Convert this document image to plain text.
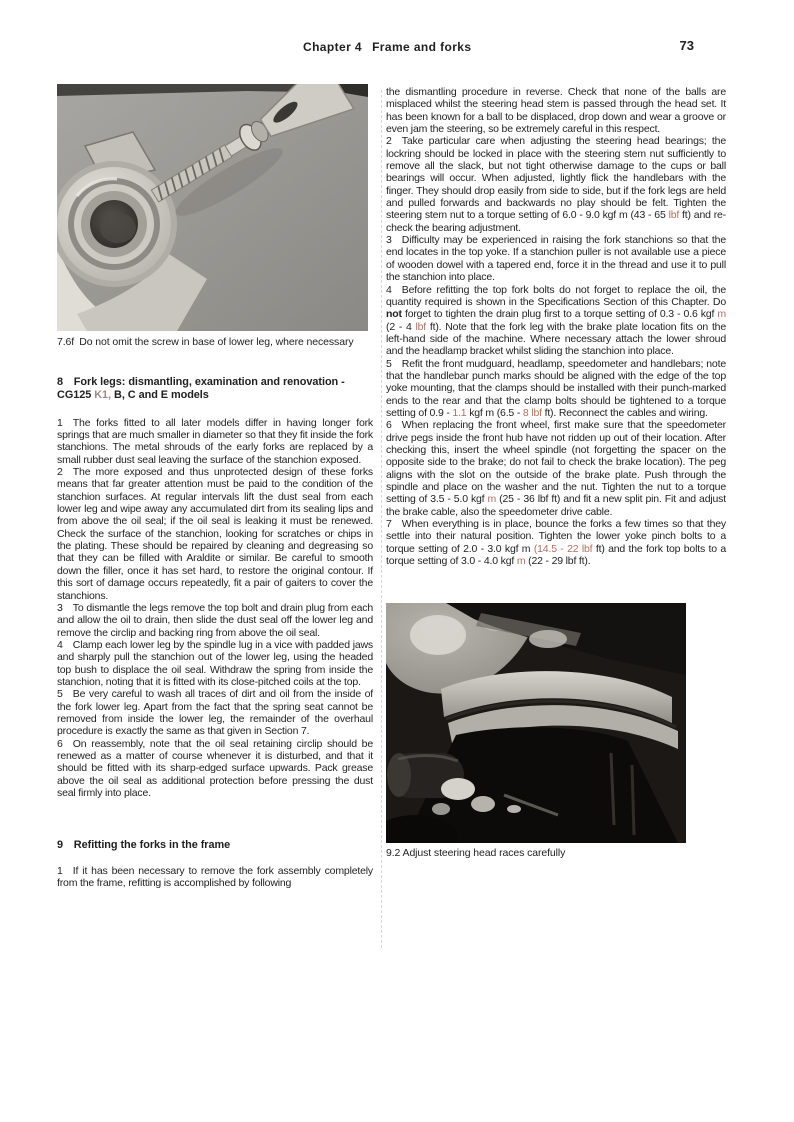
Chapter 4  Frame and forks	73

7.6f Do not omit the screw in base of lower leg, where necessary

8  Fork legs: dismantling, examination and renovation - CG125 K1, B, C and E models

1  The forks fitted to all later models differ in having longer fork springs that are much smaller in diameter so that they fit inside the fork stanchions. The metal shrouds of the early forks are replaced by a small rubber dust seal leaving the surface of the stanchion exposed.

2  The more exposed and thus unprotected design of these forks means that far greater attention must be paid to the condition of the stanchion surfaces. At regular intervals lift the dust seal from each lower leg and wipe away any accumulated dirt from its sealing lips and from above the oil seal; if the oil seal is leaking it must be renewed. Check the surface of the stanchion, looking for scratches or chips in the plating. These should be repaired by cleaning and degreasing so that they can be filled with Araldite or similar. Be careful to smooth down the filler, once it has set hard, to restore the original contour. If this sort of damage occurs repeatedly, fit a pair of gaiters to cover the stanchions.

3  To dismantle the legs remove the top bolt and drain plug from each and allow the oil to drain, then slide the dust seal off the lower leg and remove the circlip and backing ring from above the oil seal.

4  Clamp each lower leg by the spindle lug in a vice with padded jaws and sharply pull the stanchion out of the lower leg, using the headed top bush to displace the oil seal. Withdraw the spring from inside the stanchion, noting that it is fitted with its close-pitched coils at the top.

5  Be very careful to wash all traces of dirt and oil from the inside of the fork lower leg. Apart from the fact that the spring seat cannot be removed from inside the lower leg, the remainder of the overhaul procedure is exactly the same as that given in Section 7.

6  On reassembly, note that the oil seal retaining circlip should be renewed as a matter of course whenever it is disturbed, and that it should be fitted with its sharp-edged surface upwards. Pack grease above the oil seal as additional protection before pressing the dust seal firmly into place.

9  Refitting the forks in the frame

1  If it has been necessary to remove the fork assembly completely from the frame, refitting is accomplished by following

the dismantling procedure in reverse. Check that none of the balls are misplaced whilst the steering head stem is passed through the head set. It has been known for a ball to be displaced, drop down and wear a groove or even jam the steering, so be extremely careful in this respect.

2  Take particular care when adjusting the steering head bearings; the lockring should be locked in place with the steering stem nut sufficiently to remove all the slack, but not tight otherwise damage to the cups or ball bearings will occur. When adjusted, lightly flick the handlebars with the finger. They should drop easily from side to side, but if the fork legs are held and pulled forwards and backwards no play should be felt. Tighten the steering stem nut to a torque setting of 6.0 - 9.0 kgf m (43 - 65 lbf ft) and re-check the bearing adjustment.

3  Difficulty may be experienced in raising the fork stanchions so that the end locates in the top yoke. If a stanchion puller is not available use a piece of wooden dowel with a tapered end, force it in the thread and use it to pull the stanchion into place.

4  Before refitting the top fork bolts do not forget to replace the oil, the quantity required is shown in the Specifications Section of this Chapter. Do not forget to tighten the drain plug first to a torque setting of 0.3 - 0.6 kgf m (2 - 4 lbf ft). Note that the fork leg with the brake plate location fits on the left-hand side of the machine. Where necessary attach the lower shroud and the headlamp bracket whilst sliding the stanchion into place.

5  Refit the front mudguard, headlamp, speedometer and handlebars; note that the handlebar punch marks should be aligned with the edge of the top yoke mounting, that the clamps should be installed with their punch-marked ends to the rear and that the clamp bolts should be tightened to a torque setting of 0.9 - 1.1 kgf m (6.5 - 8 lbf ft). Reconnect the cables and wiring.

6  When replacing the front wheel, first make sure that the speedometer drive pegs inside the front hub have not ridden up out of their location. After checking this, insert the wheel spindle (not forgetting the spacer on the opposite side to the brake; do not fail to check the brake location). The peg aligns with the slot on the outside of the brake plate. Push through the spindle and place on the washer and the nut. Tighten the nut to a torque setting of 3.5 - 5.0 kgf m (25 - 36 lbf ft) and fit a new split pin. Fit and adjust the brake cable, also the speedometer drive cable.

7  When everything is in place, bounce the forks a few times so that they settle into their natural position. Tighten the lower yoke pinch bolts to a torque setting of 2.0 - 3.0 kgf m (14.5 - 22 lbf ft) and the fork top bolts to a torque setting of 3.0 - 4.0 kgf m (22 - 29 lbf ft).

9.2 Adjust steering head races carefully
